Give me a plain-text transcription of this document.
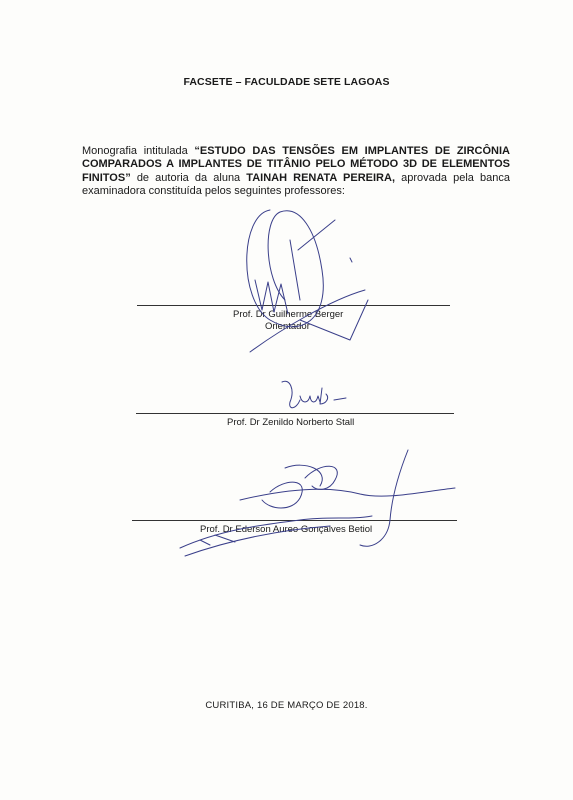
FACSETE – FACULDADE SETE LAGOAS
Monografia intitulada “ESTUDO DAS TENSÕES EM IMPLANTES DE ZIRCÔNIA COMPARADOS A IMPLANTES DE TITÂNIO PELO MÉTODO 3D DE ELEMENTOS FINITOS” de autoria da aluna TAINAH RENATA PEREIRA, aprovada pela banca examinadora constituída pelos seguintes professores:
Prof. Dr Guilherme Berger
Orientador
Prof. Dr Zenildo Norberto Stall
Prof. Dr Ederson Aureo Gonçalves Betiol
CURITIBA, 16 DE MARÇO DE 2018.
